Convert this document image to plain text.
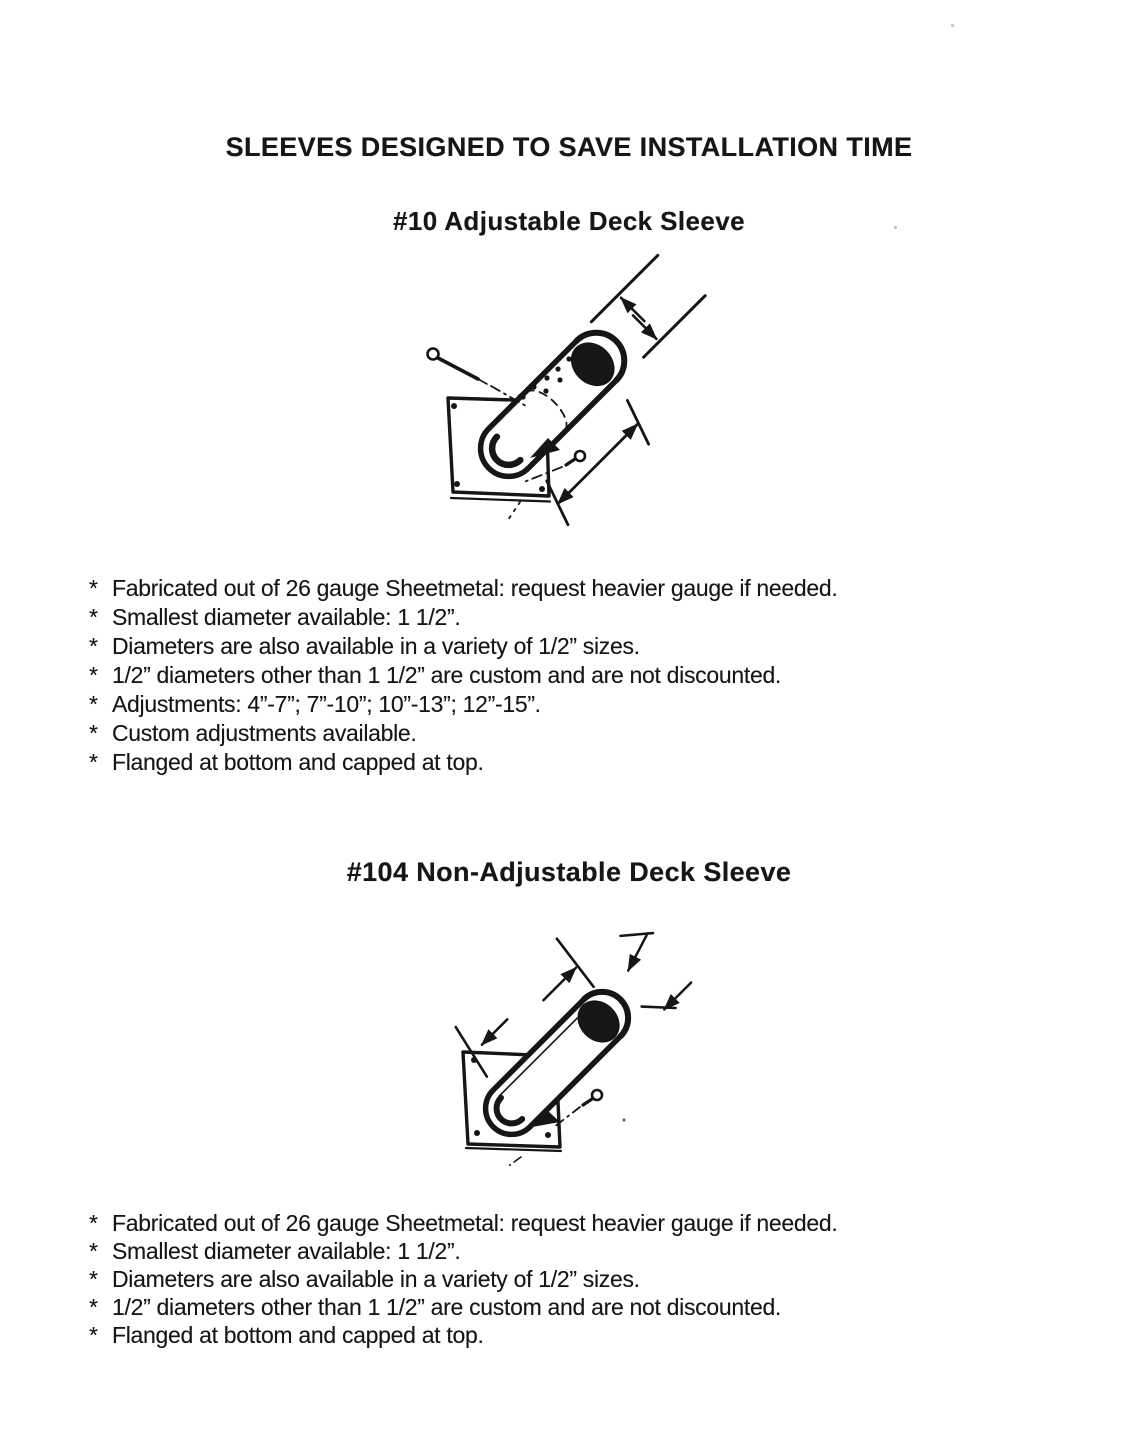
SLEEVES DESIGNED TO SAVE INSTALLATION TIME
#10 Adjustable Deck Sleeve
* Fabricated out of 26 gauge Sheetmetal: request heavier gauge if needed.
* Smallest diameter available: 1 1/2”.
* Diameters are also available in a variety of 1/2” sizes.
* 1/2” diameters other than 1 1/2” are custom and are not discounted.
* Adjustments: 4”-7”; 7”-10”; 10”-13”; 12”-15”.
* Custom adjustments available.
* Flanged at bottom and capped at top.
#104 Non-Adjustable Deck Sleeve
* Fabricated out of 26 gauge Sheetmetal: request heavier gauge if needed.
* Smallest diameter available: 1 1/2”.
* Diameters are also available in a variety of 1/2” sizes.
* 1/2” diameters other than 1 1/2” are custom and are not discounted.
* Flanged at bottom and capped at top.
